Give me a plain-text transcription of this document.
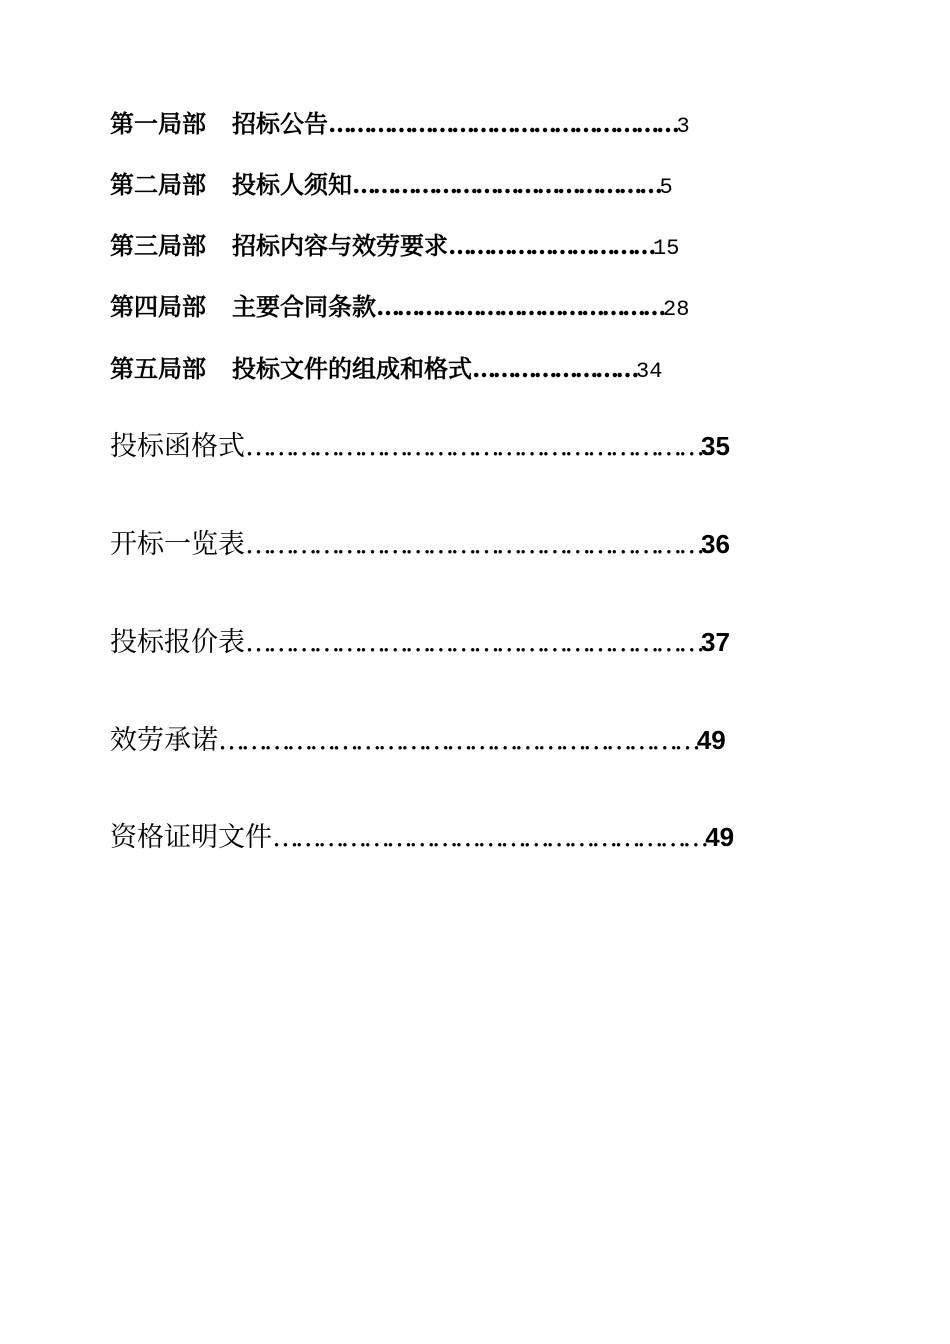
第一局部 招标公告……………………………………………3
第二局部 投标人须知………………………………………5
第三局部 招标内容与效劳要求…………………………15
第四局部 主要合同条款……………………………………28
第五局部 投标文件的组成和格式……………………34
投标函格式……………………………………………………35
开标一览表……………………………………………………36
投标报价表……………………………………………………37
效劳承诺………………………………………………………49
资格证明文件…………………………………………………49
